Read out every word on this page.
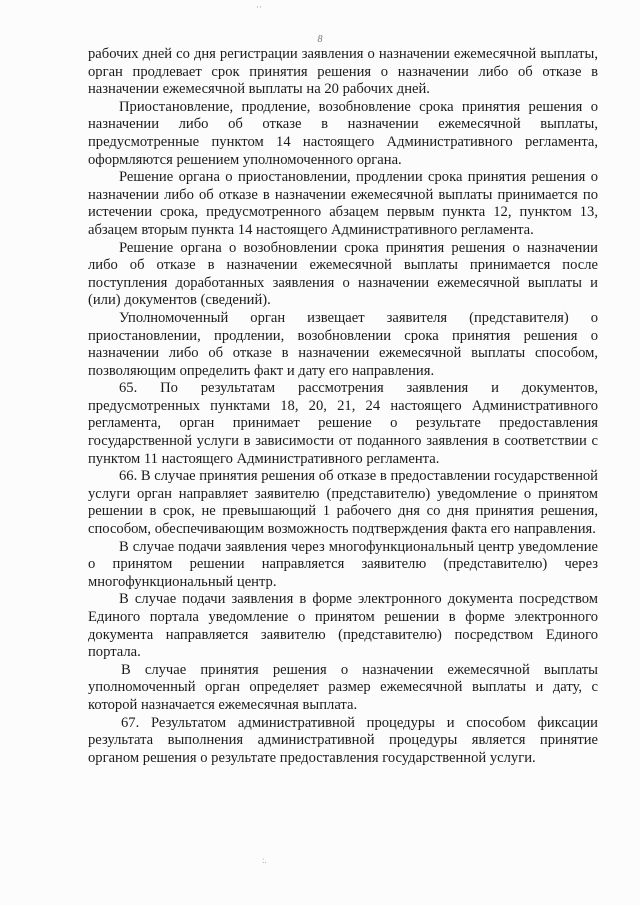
··
8

рабочих дней со дня регистрации заявления о назначении ежемесячной выплаты, орган продлевает срок принятия решения о назначении либо об отказе в назначении ежемесячной выплаты на 20 рабочих дней.

Приостановление, продление, возобновление срока принятия решения о назначении либо об отказе в назначении ежемесячной выплаты, предусмотренные пунктом 14 настоящего Административного регламента, оформляются решением уполномоченного органа.

Решение органа о приостановлении, продлении срока принятия решения о назначении либо об отказе в назначении ежемесячной выплаты принимается по истечении срока, предусмотренного абзацем первым пункта 12, пунктом 13, абзацем вторым пункта 14 настоящего Административного регламента.

Решение органа о возобновлении срока принятия решения о назначении либо об отказе в назначении ежемесячной выплаты принимается после поступления доработанных заявления о назначении ежемесячной выплаты и (или) документов (сведений).

Уполномоченный орган извещает заявителя (представителя) о приостановлении, продлении, возобновлении срока принятия решения о назначении либо об отказе в назначении ежемесячной выплаты способом, позволяющим определить факт и дату его направления.

65. По результатам рассмотрения заявления и документов, предусмотренных пунктами 18, 20, 21, 24 настоящего Административного регламента, орган принимает решение о результате предоставления государственной услуги в зависимости от поданного заявления в соответствии с пунктом 11 настоящего Административного регламента.

66. В случае принятия решения об отказе в предоставлении государственной услуги орган направляет заявителю (представителю) уведомление о принятом решении в срок, не превышающий 1 рабочего дня со дня принятия решения, способом, обеспечивающим возможность подтверждения факта его направления.

В случае подачи заявления через многофункциональный центр уведомление о принятом решении направляется заявителю (представителю) через многофункциональный центр.

В случае подачи заявления в форме электронного документа посредством Единого портала уведомление о принятом решении в форме электронного документа направляется заявителю (представителю) посредством Единого портала.

В случае принятия решения о назначении ежемесячной выплаты уполномоченный орган определяет размер ежемесячной выплаты и дату, с которой назначается ежемесячная выплата.

67. Результатом административной процедуры и способом фиксации результата выполнения административной процедуры является принятие органом решения о результате предоставления государственной услуги.

:.
